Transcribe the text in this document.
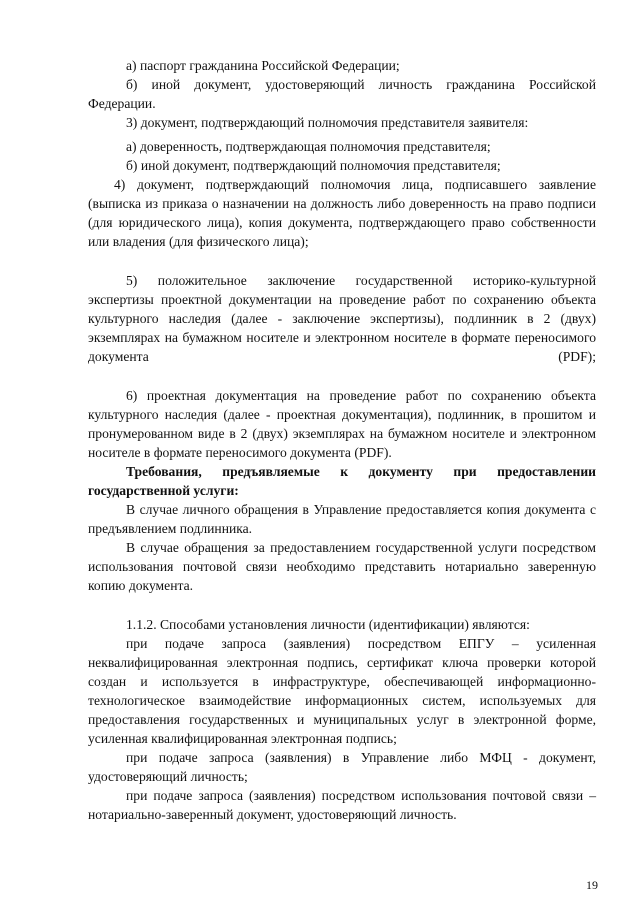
а) паспорт гражданина Российской Федерации;

б) иной документ, удостоверяющий личность гражданина Российской Федерации.

3) документ, подтверждающий полномочия представителя заявителя:

а) доверенность, подтверждающая полномочия представителя;

б) иной документ, подтверждающий полномочия представителя;

4) документ, подтверждающий полномочия лица, подписавшего заявление (выписка из приказа о назначении на должность либо доверенность на право подписи (для юридического лица), копия документа, подтверждающего право собственности или владения (для физического лица);

5) положительное заключение государственной историко-культурной экспертизы проектной документации на проведение работ по сохранению объекта культурного наследия (далее - заключение экспертизы), подлинник в 2 (двух) экземплярах на бумажном носителе и электронном носителе в формате переносимого документа (PDF);

6) проектная документация на проведение работ по сохранению объекта культурного наследия (далее - проектная документация), подлинник, в прошитом и пронумерованном виде в 2 (двух) экземплярах на бумажном носителе и электронном носителе в формате переносимого документа (PDF).

Требования, предъявляемые к документу при предоставлении государственной услуги:

В случае личного обращения в Управление предоставляется копия документа с предъявлением подлинника.

В случае обращения за предоставлением государственной услуги посредством использования почтовой связи необходимо представить нотариально заверенную копию документа.

1.1.2. Способами установления личности (идентификации) являются:

при подаче запроса (заявления) посредством ЕПГУ – усиленная неквалифицированная электронная подпись, сертификат ключа проверки которой создан и используется в инфраструктуре, обеспечивающей информационно-технологическое взаимодействие информационных систем, используемых для предоставления государственных и муниципальных услуг в электронной форме, усиленная квалифицированная электронная подпись;

при подаче запроса (заявления) в Управление либо МФЦ - документ, удостоверяющий личность;

при подаче запроса (заявления) посредством использования почтовой связи – нотариально-заверенный документ, удостоверяющий личность.

19
